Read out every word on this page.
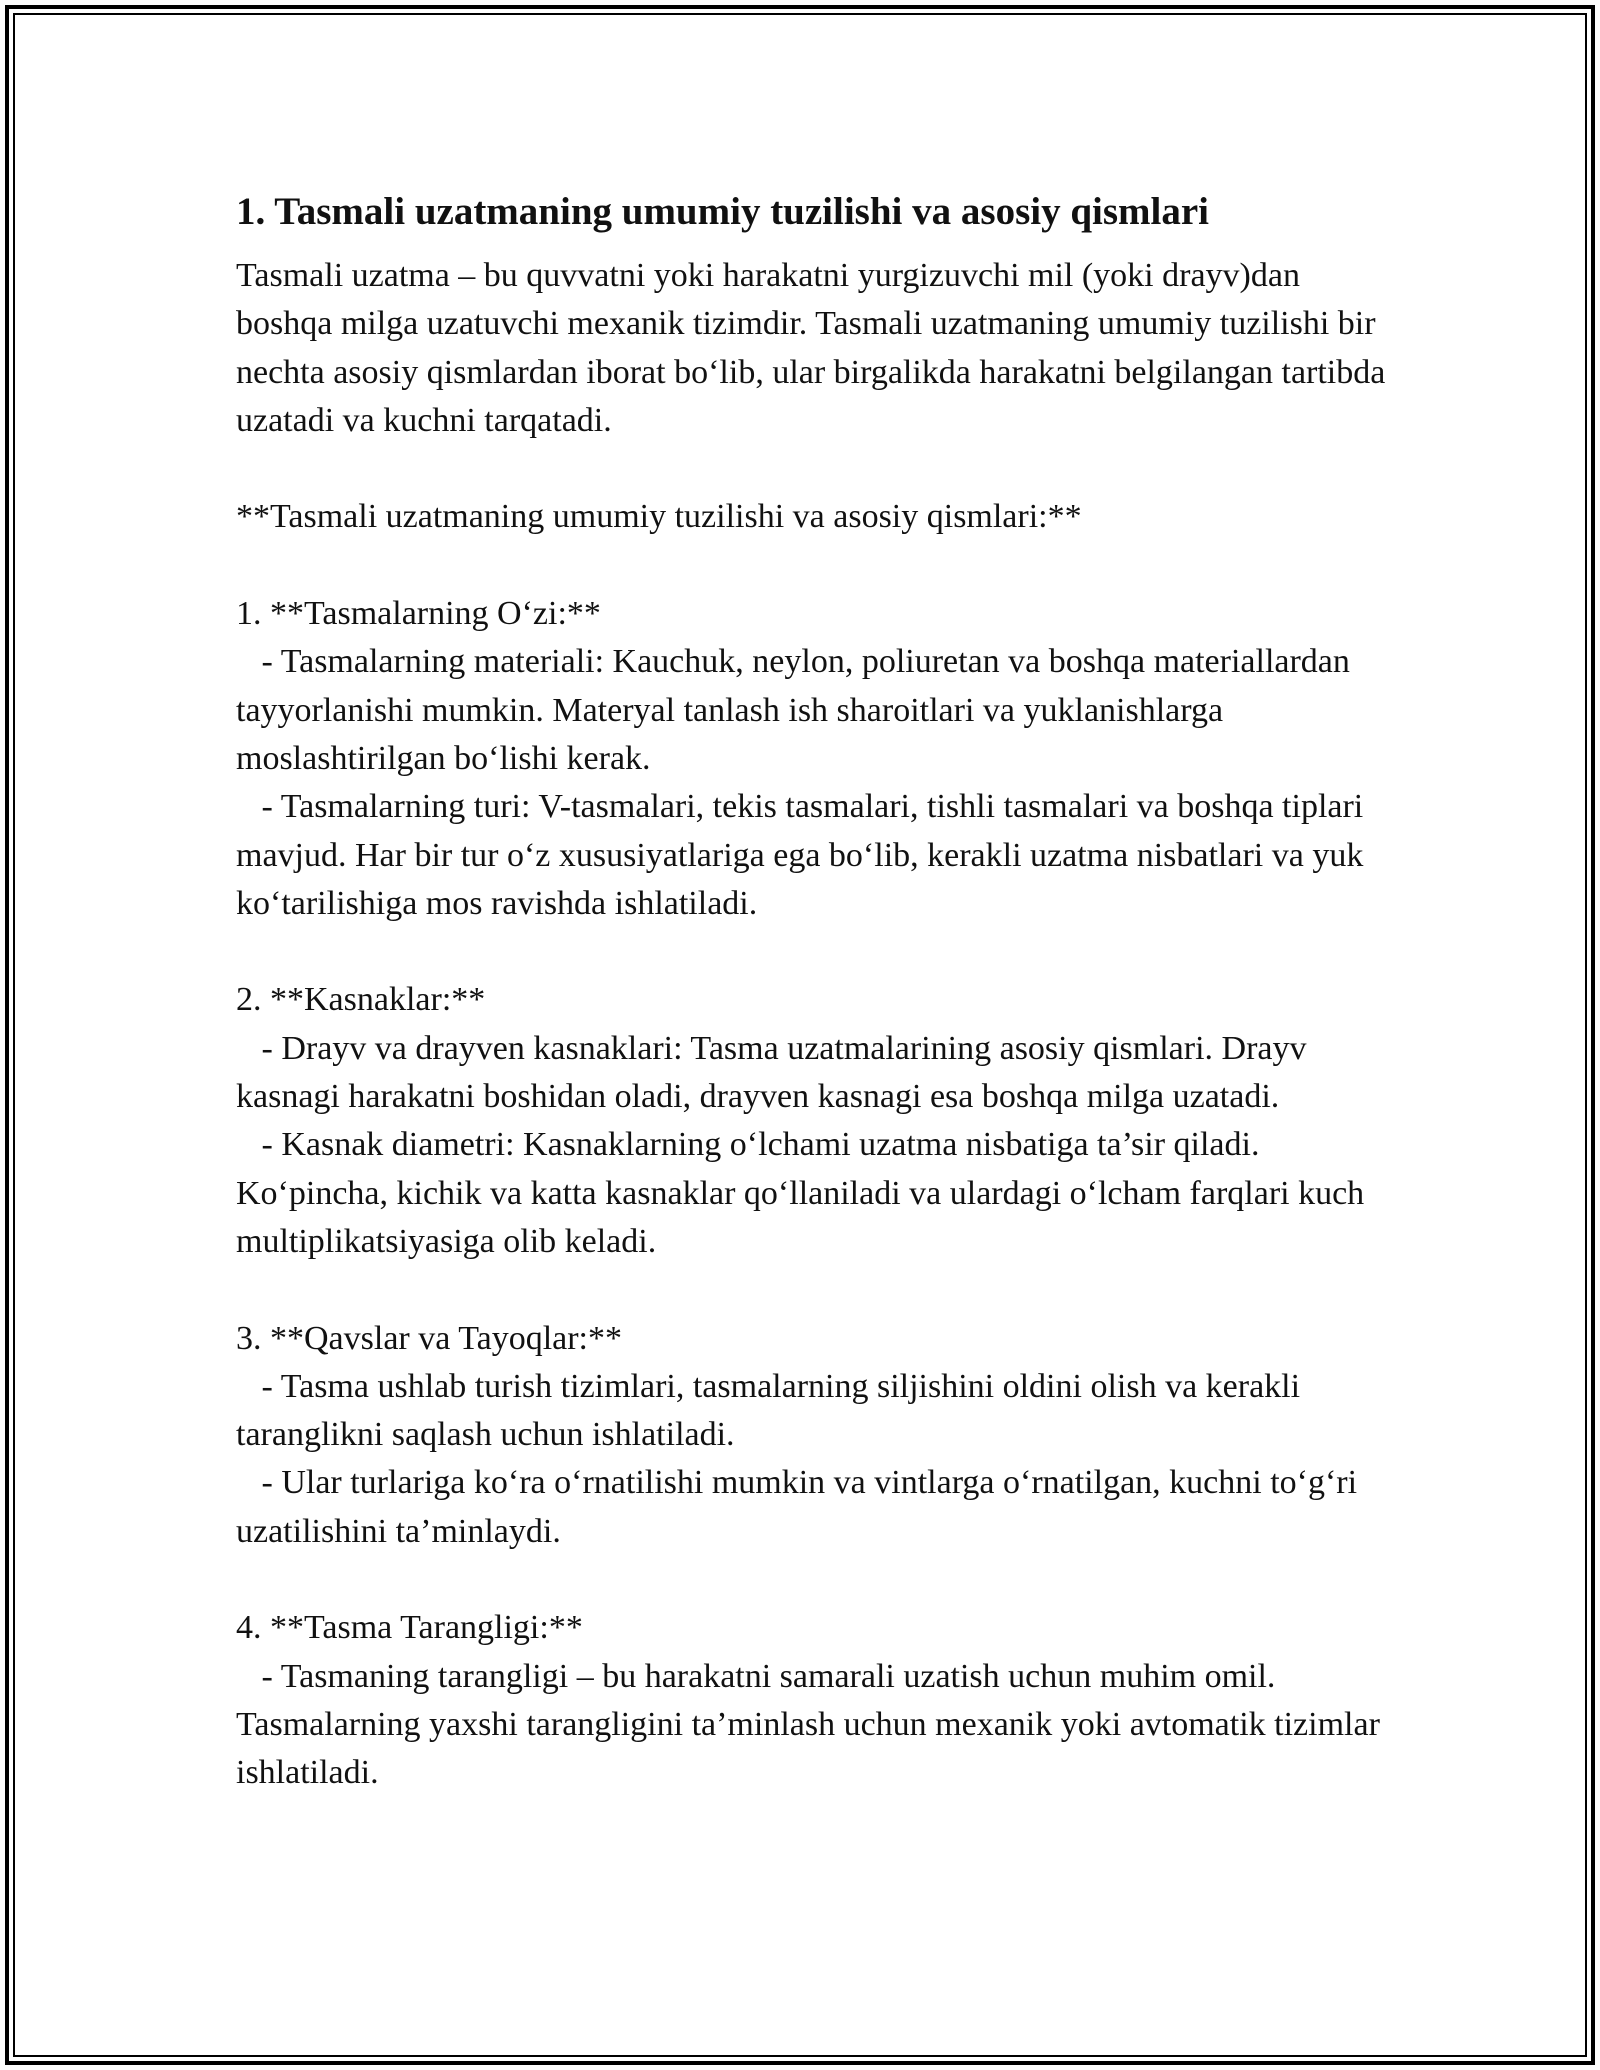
1. Tasmali uzatmaning umumiy tuzilishi va asosiy qismlari

Tasmali uzatma – bu quvvatni yoki harakatni yurgizuvchi mil (yoki drayv)dan boshqa milga uzatuvchi mexanik tizimdir. Tasmali uzatmaning umumiy tuzilishi bir nechta asosiy qismlardan iborat bo‘lib, ular birgalikda harakatni belgilangan tartibda uzatadi va kuchni tarqatadi.

**Tasmali uzatmaning umumiy tuzilishi va asosiy qismlari:**

1. **Tasmalarning O‘zi:**

- Tasmalarning materiali: Kauchuk, neylon, poliuretan va boshqa materiallardan tayyorlanishi mumkin. Materyal tanlash ish sharoitlari va yuklanishlarga moslashtirilgan bo‘lishi kerak.

- Tasmalarning turi: V-tasmalari, tekis tasmalari, tishli tasmalari va boshqa tiplari mavjud. Har bir tur o‘z xususiyatlariga ega bo‘lib, kerakli uzatma nisbatlari va yuk ko‘tarilishiga mos ravishda ishlatiladi.

2. **Kasnaklar:**

- Drayv va drayven kasnaklari: Tasma uzatmalarining asosiy qismlari. Drayv kasnagi harakatni boshidan oladi, drayven kasnagi esa boshqa milga uzatadi.

- Kasnak diametri: Kasnaklarning o‘lchami uzatma nisbatiga ta’sir qiladi. Ko‘pincha, kichik va katta kasnaklar qo‘llaniladi va ulardagi o‘lcham farqlari kuch multiplikatsiyasiga olib keladi.

3. **Qavslar va Tayoqlar:**

- Tasma ushlab turish tizimlari, tasmalarning siljishini oldini olish va kerakli taranglikni saqlash uchun ishlatiladi.

- Ular turlariga ko‘ra o‘rnatilishi mumkin va vintlarga o‘rnatilgan, kuchni to‘g‘ri uzatilishini ta’minlaydi.

4. **Tasma Tarangligi:**

- Tasmaning tarangligi – bu harakatni samarali uzatish uchun muhim omil. Tasmalarning yaxshi tarangligini ta’minlash uchun mexanik yoki avtomatik tizimlar ishlatiladi.
